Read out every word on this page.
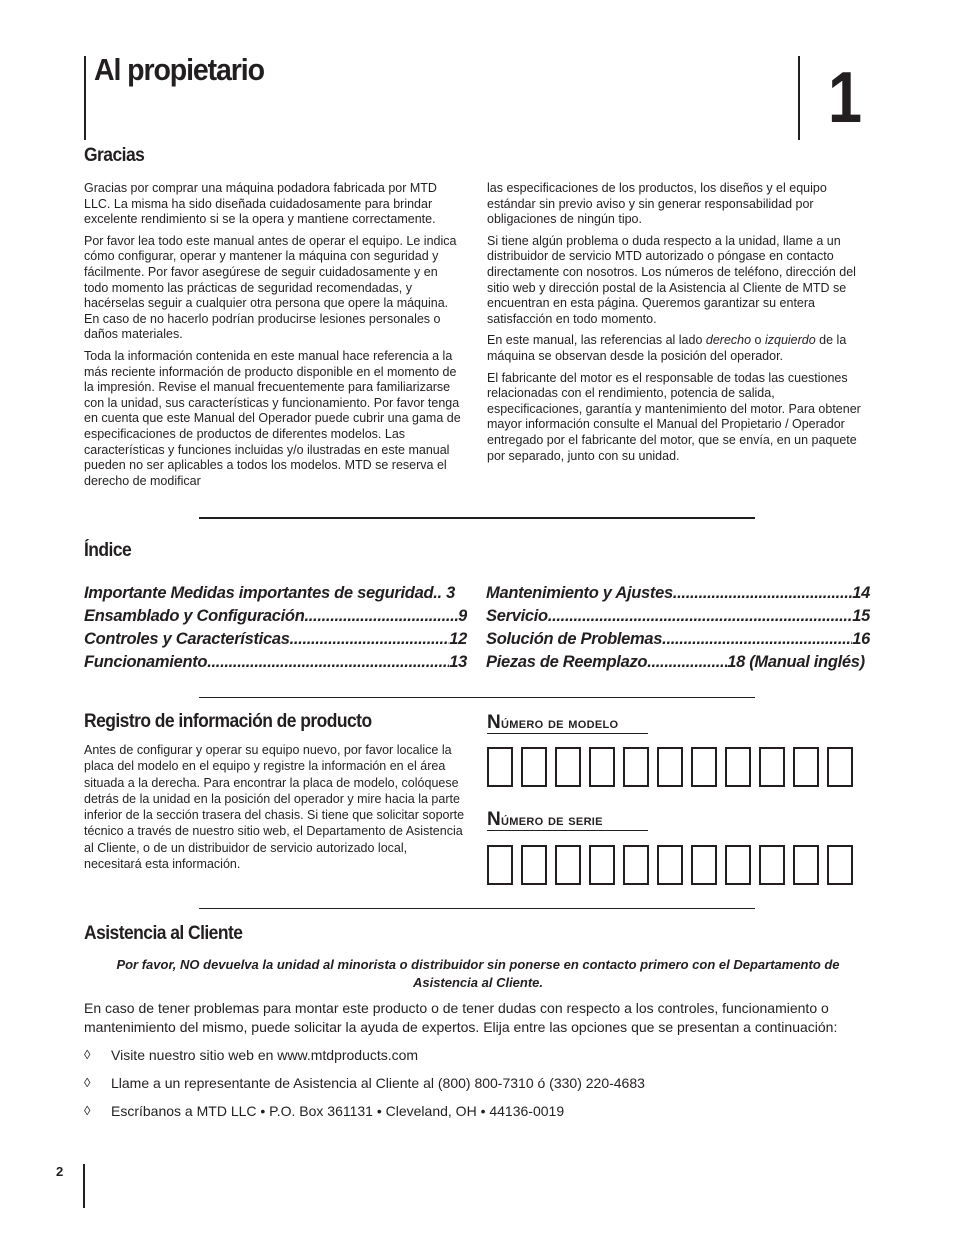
Al propietario	1
Gracias

Gracias por comprar una máquina podadora fabricada por MTD LLC. La misma ha sido diseñada cuidadosamente para brindar excelente rendimiento si se la opera y mantiene correctamente.

Por favor lea todo este manual antes de operar el equipo. Le indica cómo configurar, operar y mantener la máquina con seguridad y fácilmente. Por favor asegúrese de seguir cuidadosamente y en todo momento las prácticas de seguridad recomendadas, y hacérselas seguir a cualquier otra persona que opere la máquina. En caso de no hacerlo podrían producirse lesiones personales o daños materiales.

Toda la información contenida en este manual hace referencia a la más reciente información de producto disponible en el momento de la impresión. Revise el manual frecuentemente para familiarizarse con la unidad, sus características y funcionamiento. Por favor tenga en cuenta que este Manual del Operador puede cubrir una gama de especificaciones de productos de diferentes modelos. Las características y funciones incluidas y/o ilustradas en este manual pueden no ser aplicables a todos los modelos. MTD se reserva el derecho de modificar

las especificaciones de los productos, los diseños y el equipo estándar sin previo aviso y sin generar responsabilidad por obligaciones de ningún tipo.

Si tiene algún problema o duda respecto a la unidad, llame a un distribuidor de servicio MTD autorizado o póngase en contacto directamente con nosotros. Los números de teléfono, dirección del sitio web y dirección postal de la Asistencia al Cliente de MTD se encuentran en esta página. Queremos garantizar su entera satisfacción en todo momento.

En este manual, las referencias al lado derecho o izquierdo de la máquina se observan desde la posición del operador.

El fabricante del motor es el responsable de todas las cuestiones relacionadas con el rendimiento, potencia de salida, especificaciones, garantía y mantenimiento del motor. Para obtener mayor información consulte el Manual del Propietario / Operador entregado por el fabricante del motor, que se envía, en un paquete por separado, junto con su unidad.

Índice
Importante Medidas importantes de seguridad .. 3
Ensamblado y Configuración .....	9
Controles y Características .....	12
Funcionamiento .....	13
Mantenimiento y Ajustes .....	14
Servicio .....	15
Solución de Problemas .....	16
Piezas de Reemplazo .....	18 (Manual inglés)
Registro de información de producto

Antes de configurar y operar su equipo nuevo, por favor localice la placa del modelo en el equipo y registre la información en el área situada a la derecha. Para encontrar la placa de modelo, colóquese detrás de la unidad en la posición del operador y mire hacia la parte inferior de la sección trasera del chasis. Si tiene que solicitar soporte técnico a través de nuestro sitio web, el Departamento de Asistencia al Cliente, o de un distribuidor de servicio autorizado local, necesitará esta información.

Número de modelo
Número de serie
Asistencia al Cliente
Por favor, NO devuelva la unidad al minorista o distribuidor sin ponerse en contacto primero con el Departamento de Asistencia al Cliente.

En caso de tener problemas para montar este producto o de tener dudas con respecto a los controles, funcionamiento o mantenimiento del mismo, puede solicitar la ayuda de expertos. Elija entre las opciones que se presentan a continuación:

◊	Visite nuestro sitio web en www.mtdproducts.com
◊	Llame a un representante de Asistencia al Cliente al (800) 800-7310 ó (330) 220-4683
◊	Escríbanos a MTD LLC • P.O. Box 361131 • Cleveland, OH • 44136-0019
2
